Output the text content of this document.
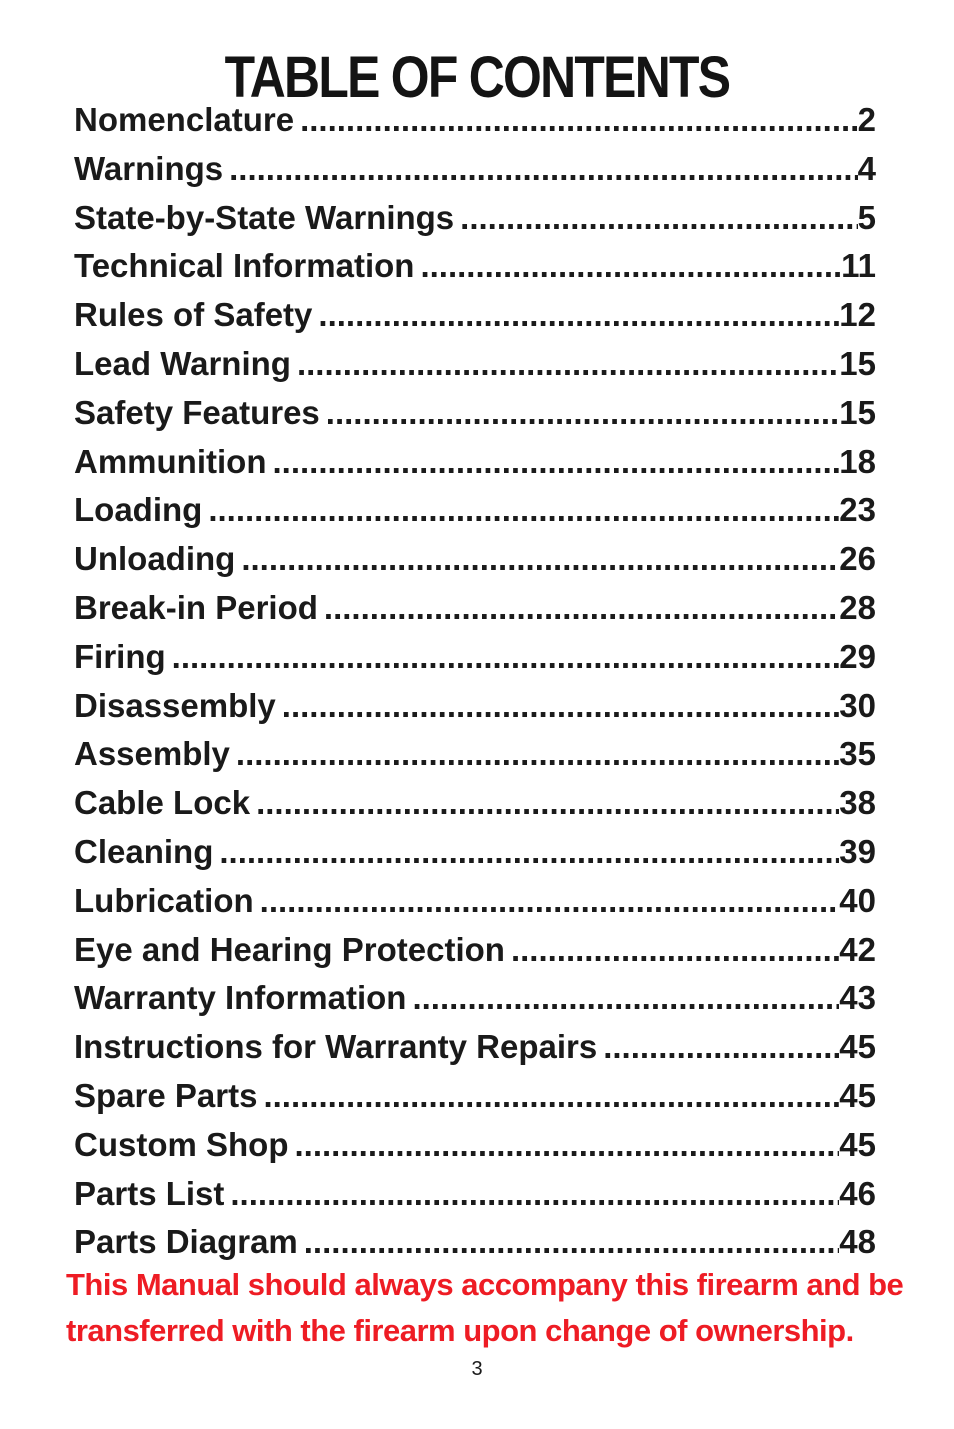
TABLE OF CONTENTS
Nomenclature .....	2
Warnings .....	4
State-by-State Warnings .....	5
Technical Information .....	11
Rules of Safety .....	12
Lead Warning .....	15
Safety Features .....	15
Ammunition .....	18
Loading .....	23
Unloading .....	26
Break-in Period .....	28
Firing .....	29
Disassembly .....	30
Assembly .....	35
Cable Lock .....	38
Cleaning .....	39
Lubrication .....	40
Eye and Hearing Protection .....	42
Warranty Information .....	43
Instructions for Warranty Repairs .....	45
Spare Parts .....	45
Custom Shop .....	45
Parts List .....	46
Parts Diagram .....	48
This Manual should always accompany this firearm and be
transferred with the firearm upon change of ownership.
3
